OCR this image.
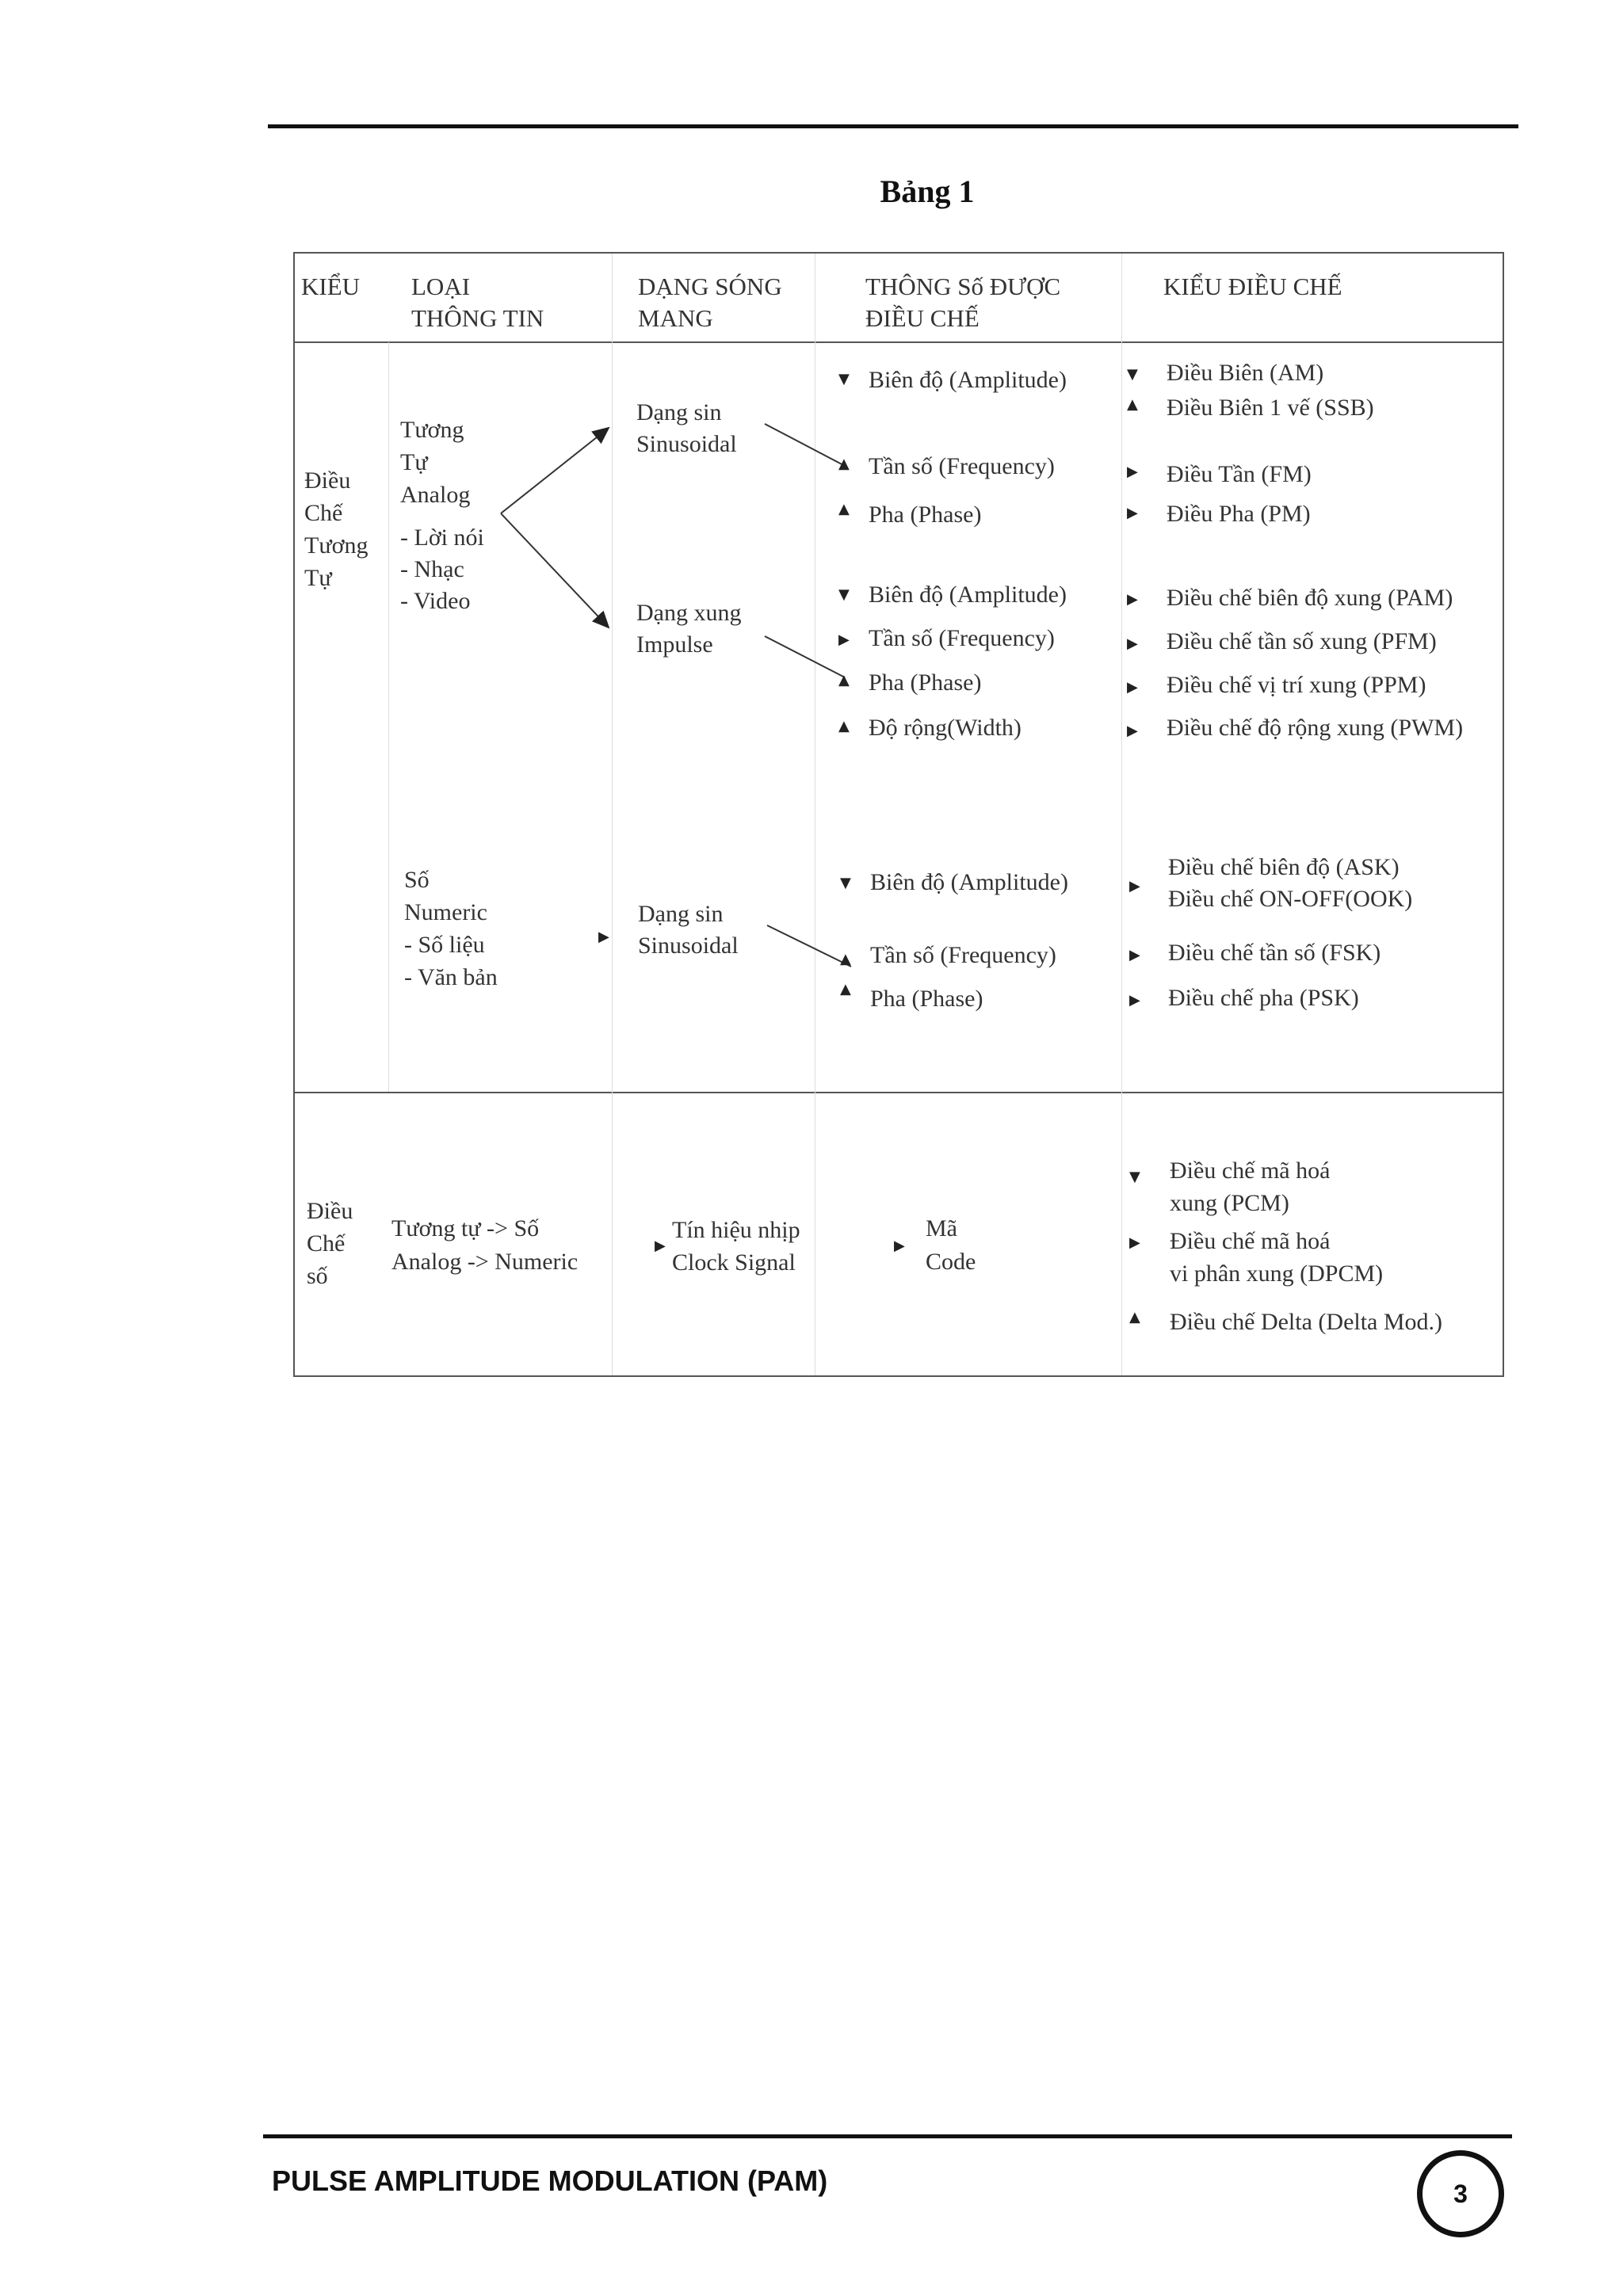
Bảng 1
KIỂU LOẠI
THÔNG TIN
DẠNG SÓNG
MANG
THÔNG Số ĐƯỢC
ĐIỀU CHẾ
KIỂU ĐIỀU CHẾ
Điều
Chế
Tương
Tự
Tương
Tự
Analog
- Lời nói
- Nhạc
- Video
Dạng sin
Sinusoidal
Dạng xung
Impulse
▼ Biên độ (Amplitude)
▲ Tần số (Frequency)
▲ Pha (Phase)
▼ Điều Biên (AM)
▲ Điều Biên 1 vế (SSB)
▶ Điều Tần (FM)
▶ Điều Pha (PM)
▼ Biên độ (Amplitude)
▶ Tần số (Frequency)
▲ Pha (Phase)
▲ Độ rộng(Width)
▶ Điều chế biên độ xung (PAM)
▶ Điều chế tần số xung (PFM)
▶ Điều chế vị trí xung (PPM)
▶ Điều chế độ rộng xung (PWM)
Số
Numeric
- Số liệu
- Văn bản
▶
Dạng sin
Sinusoidal
▼ Biên độ (Amplitude)
▲ Tần số (Frequency)
▲ Pha (Phase)
▶
Điều chế biên độ (ASK)
Điều chế ON-OFF(OOK)
▶ Điều chế tần số (FSK)
▶ Điều chế pha (PSK)
Điều
Chế
số
Tương tự -> Số
Analog -> Numeric
▶
Tín hiệu nhịp
Clock Signal
▶
Mã
Code
▼ Điều chế mã hoá
xung (PCM)
▶ Điều chế mã hoá
vi phân xung (DPCM)
▲ Điều chế Delta (Delta Mod.)
PULSE AMPLITUDE MODULATION (PAM)	3
